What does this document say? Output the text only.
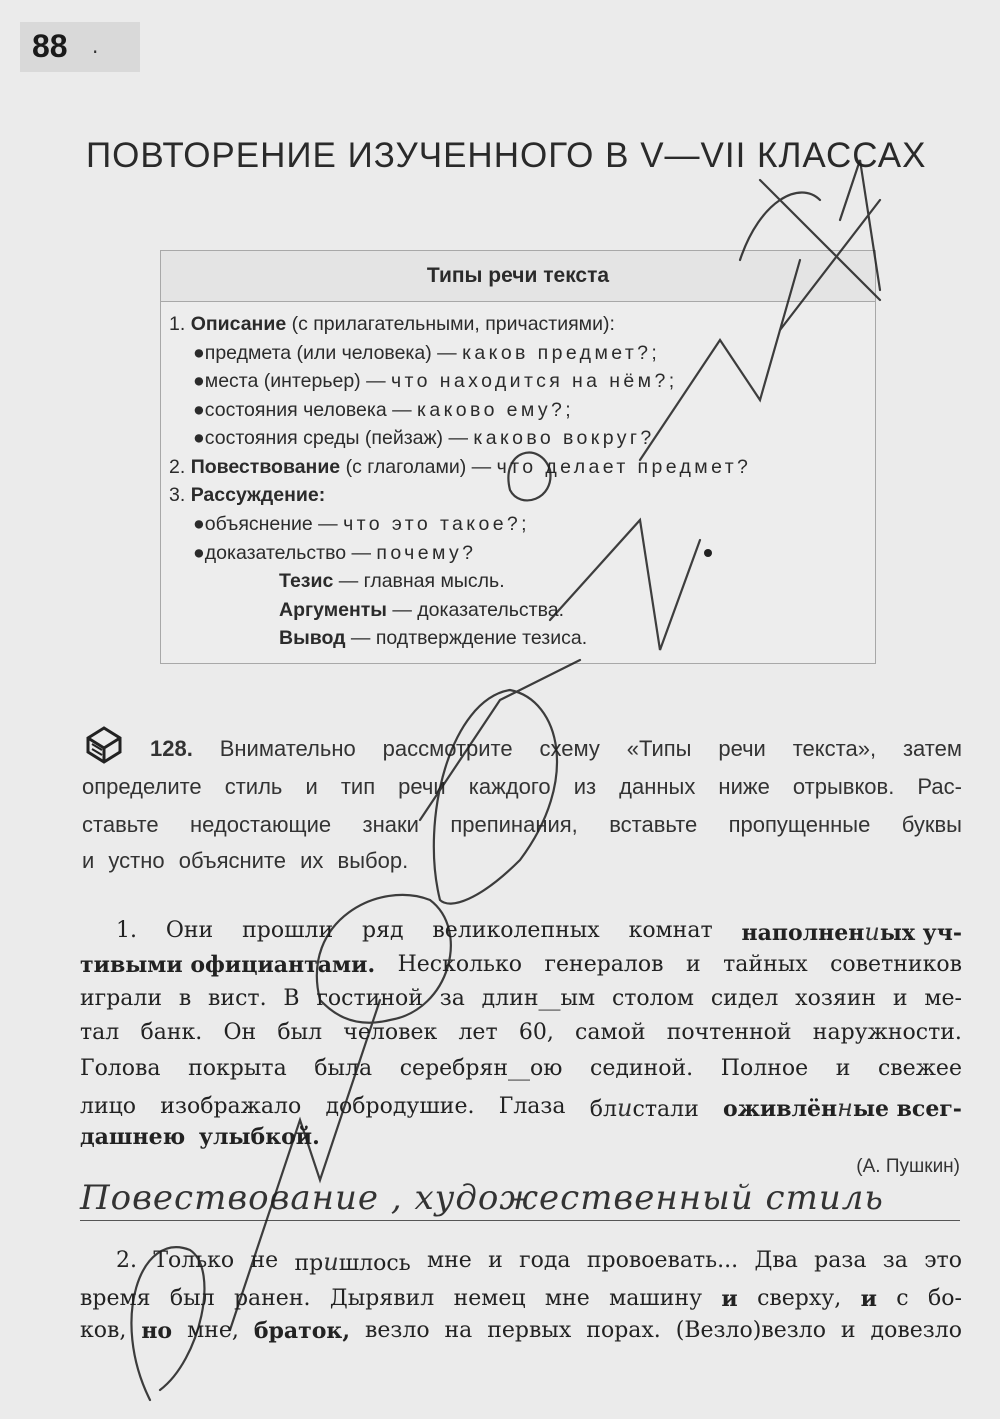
88 ·
ПОВТОРЕНИЕ ИЗУЧЕННОГО В V—VII КЛАССАХ
Типы речи текста
1. Описание (с прилагательными, причастиями):
●предмета (или человека) — каков предмет?;
●места (интерьер) — что находится на нём?;
●состояния человека — каково ему?;
●состояния среды (пейзаж) — каково вокруг?
2. Повествование (с глаголами) — что делает предмет?
3. Рассуждение:
●объяснение — что это такое?;
●доказательство — почему?
Тезис — главная мысль.
Аргументы — доказательства.
Вывод — подтверждение тезиса.
128. Внимательно рассмотрите схему «Типы речи текста», затем
определите стиль и тип речи каждого из данных ниже отрывков. Рас-
ставьте недостающие знаки препинания, вставьте пропущенные буквы
и устно объясните их выбор.
1. Они прошли ряд великолепных комнат наполнениых уч-
тивыми официантами. Несколько генералов и тайных советников
играли в вист. В гостиной за длин__ым столом сидел хозяин и ме-
тал банк. Он был человек лет 60, самой почтенной наружности.
Голова покрыта была серебрян__ою сединой. Полное и свежее
лицо изображало добродушие. Глаза блистали оживлённые всег-
дашнею улыбкой.
(А. Пушкин)
Повествование , художественный стиль
2. Только не пришлось мне и года провоевать... Два раза за это
время был ранен. Дырявил немец мне машину и сверху, и с бо-
ков, но мне, браток, везло на первых порах. (Везло)везло и довезло
